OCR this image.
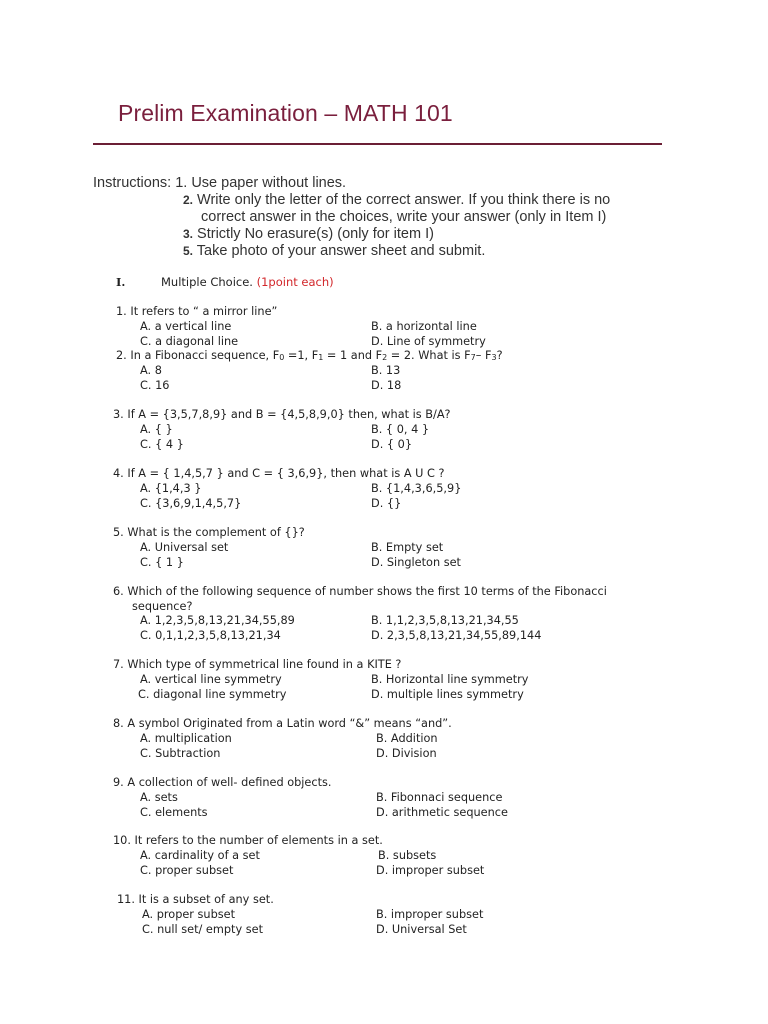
Prelim Examination – MATH 101
Instructions: 1. Use paper without lines.
2. Write only the letter of the correct answer. If you think there is no
correct answer in the choices, write your answer (only in Item I)
3. Strictly No erasure(s) (only for item I)
5. Take photo of your answer sheet and submit.
I.	Multiple Choice. (1point each)
1. It refers to “ a mirror line”
A. a vertical line	B. a horizontal line
C. a diagonal line	D. Line of symmetry
2. In a Fibonacci sequence, $F_0 =1$, $F_1 = 1$ and $F_2 = 2$. What is $F_7-$ $F_3$?
A. 8	B. 13
C. 16	D. 18
3. If A = {3,5,7,8,9} and B = {4,5,8,9,0} then, what is B/A?
A. { }	B. { 0, 4 }
C. { 4 }	D. { 0}
4. If A = { 1,4,5,7 } and C = { 3,6,9}, then what is A U C ?
A. {1,4,3 }	B. {1,4,3,6,5,9}
C. {3,6,9,1,4,5,7}	D. {}
5. What is the complement of {}?
A. Universal set	B. Empty set
C. { 1 }	D. Singleton set
6. Which of the following sequence of number shows the first 10 terms of the Fibonacci
sequence?
A. 1,2,3,5,8,13,21,34,55,89	B. 1,1,2,3,5,8,13,21,34,55
C. 0,1,1,2,3,5,8,13,21,34	D. 2,3,5,8,13,21,34,55,89,144
7. Which type of symmetrical line found in a KITE ?
A. vertical line symmetry	B. Horizontal line symmetry
C. diagonal line symmetry	D. multiple lines symmetry
8. A symbol Originated from a Latin word “&” means “and”.
A. multiplication	B. Addition
C. Subtraction	D. Division
9. A collection of well- defined objects.
A. sets	B. Fibonnaci sequence
C. elements	D. arithmetic sequence
10. It refers to the number of elements in a set.
A. cardinality of a set	B. subsets
C. proper subset	D. improper subset
11. It is a subset of any set.
A. proper subset	B. improper subset
C. null set/ empty set	D. Universal Set
